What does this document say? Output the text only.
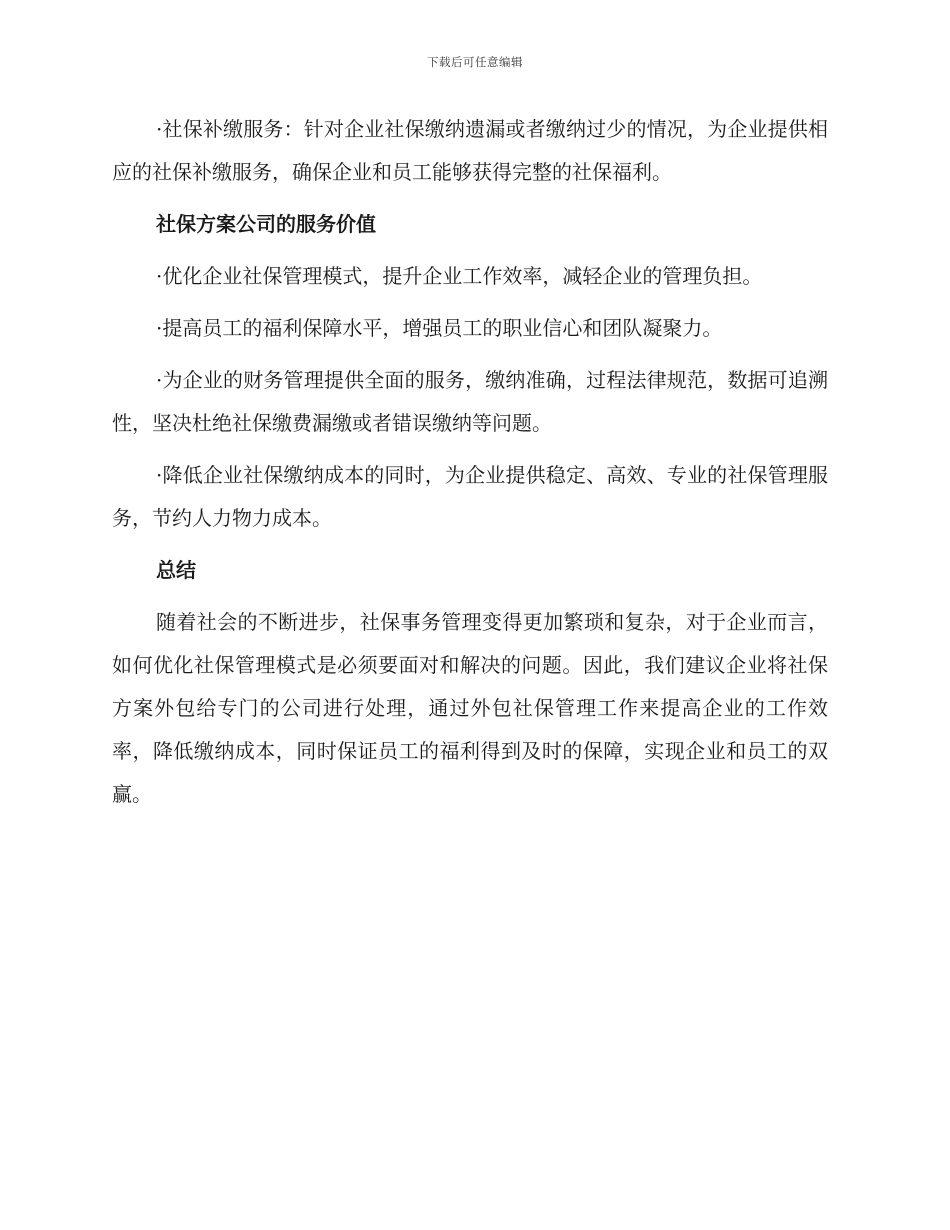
下载后可任意编辑

·社保补缴服务：针对企业社保缴纳遗漏或者缴纳过少的情况，为企业提供相应的社保补缴服务，确保企业和员工能够获得完整的社保福利。

社保方案公司的服务价值

·优化企业社保管理模式，提升企业工作效率，减轻企业的管理负担。

·提高员工的福利保障水平，增强员工的职业信心和团队凝聚力。

·为企业的财务管理提供全面的服务，缴纳准确，过程法律规范，数据可追溯性，坚决杜绝社保缴费漏缴或者错误缴纳等问题。

·降低企业社保缴纳成本的同时，为企业提供稳定、高效、专业的社保管理服务，节约人力物力成本。

总结

随着社会的不断进步，社保事务管理变得更加繁琐和复杂，对于企业而言，如何优化社保管理模式是必须要面对和解决的问题。因此，我们建议企业将社保方案外包给专门的公司进行处理，通过外包社保管理工作来提高企业的工作效率，降低缴纳成本，同时保证员工的福利得到及时的保障，实现企业和员工的双赢。
